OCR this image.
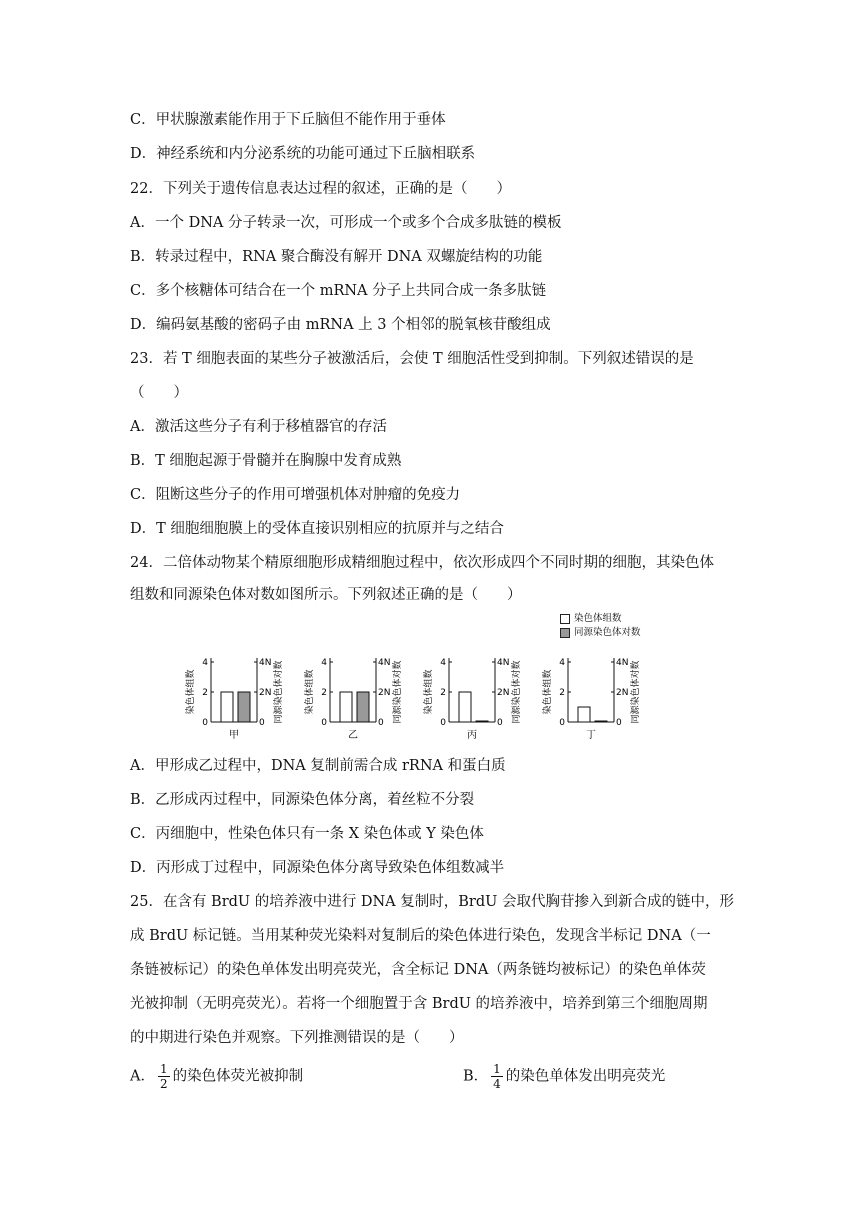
C．甲状腺激素能作用于下丘脑但不能作用于垂体
D．神经系统和内分泌系统的功能可通过下丘脑相联系
22．下列关于遗传信息表达过程的叙述，正确的是（　　）
A．一个 DNA 分子转录一次，可形成一个或多个合成多肽链的模板
B．转录过程中，RNA 聚合酶没有解开 DNA 双螺旋结构的功能
C．多个核糖体可结合在一个 mRNA 分子上共同合成一条多肽链
D．编码氨基酸的密码子由 mRNA 上 3 个相邻的脱氧核苷酸组成
23．若 T 细胞表面的某些分子被激活后，会使 T 细胞活性受到抑制。下列叙述错误的是
（　　）
A．激活这些分子有利于移植器官的存活
B．T 细胞起源于骨髓并在胸腺中发育成熟
C．阻断这些分子的作用可增强机体对肿瘤的免疫力
D．T 细胞细胞膜上的受体直接识别相应的抗原并与之结合
24．二倍体动物某个精原细胞形成精细胞过程中，依次形成四个不同时期的细胞，其染色体
组数和同源染色体对数如图所示。下列叙述正确的是（　　）
A．甲形成乙过程中，DNA 复制前需合成 rRNA 和蛋白质
B．乙形成丙过程中，同源染色体分离，着丝粒不分裂
C．丙细胞中，性染色体只有一条 X 染色体或 Y 染色体
D．丙形成丁过程中，同源染色体分离导致染色体组数减半
25．在含有 BrdU 的培养液中进行 DNA 复制时，BrdU 会取代胸苷掺入到新合成的链中，形
成 BrdU 标记链。当用某种荧光染料对复制后的染色体进行染色，发现含半标记 DNA（一
条链被标记）的染色单体发出明亮荧光，含全标记 DNA（两条链均被标记）的染色单体荧
光被抑制（无明亮荧光）。若将一个细胞置于含 BrdU 的培养液中，培养到第三个细胞周期
的中期进行染色并观察。下列推测错误的是（　　）
染色体组数
同源染色体对数
0	0
2	2N
4	4N
染色体组数	同源染色体对数
甲
0	0
2	2N
4	4N
染色体组数	同源染色体对数
乙
0	0
2	2N
4	4N
染色体组数	同源染色体对数
丙
0	0
2	2N
4	4N
染色体组数	同源染色体对数
丁
A． $\frac{1}{2}$ 的染色体荧光被抑制	B． $\frac{1}{4}$ 的染色单体发出明亮荧光
